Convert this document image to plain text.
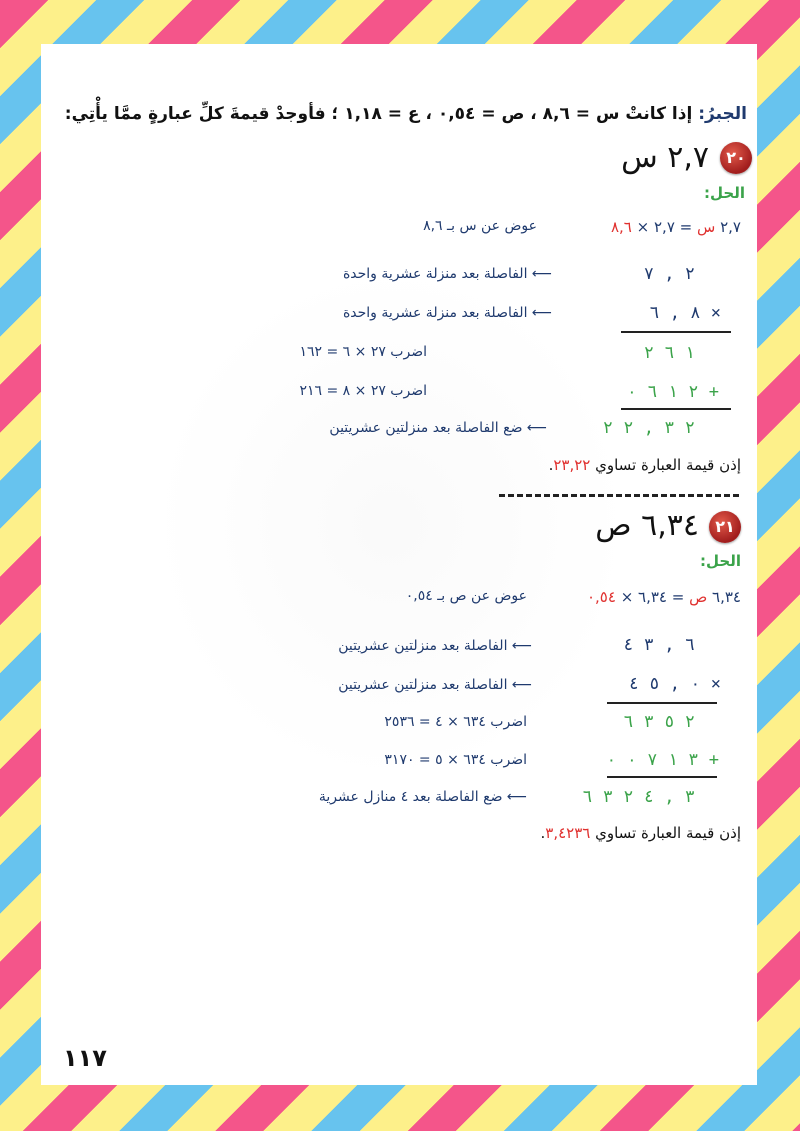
الجبرُ: إذا كانتْ س = ٨,٦ ، ص = ٠,٥٤ ، ع = ١,١٨ ؛ فأوجدْ قيمةَ كلِّ عبارةٍ ممَّا يأْتِي:
٢٠
٢,٧ س
الحل:
٢,٧ س = ٢,٧ × ٨,٦
عوض عن س بـ ٨,٦
٢ , ٧
⟵ الفاصلة بعد منزلة عشرية واحدة
× ٨ , ٦
⟵ الفاصلة بعد منزلة عشرية واحدة
١ ٦ ٢
اضرب ٢٧ × ٦ = ١٦٢
+ ٢ ١ ٦ ٠
اضرب ٢٧ × ٨ = ٢١٦
٢ ٣ , ٢ ٢
⟵ ضع الفاصلة بعد منزلتين عشريتين
إذن قيمة العبارة تساوي ٢٣,٢٢.
٢١
٦,٣٤ ص
الحل:
٦,٣٤ ص = ٦,٣٤ × ٠,٥٤
عوض عن ص بـ ٠,٥٤
٦ , ٣ ٤
⟵ الفاصلة بعد منزلتين عشريتين
× ٠ , ٥ ٤
⟵ الفاصلة بعد منزلتين عشريتين
٢ ٥ ٣ ٦
اضرب ٦٣٤ × ٤ = ٢٥٣٦
+ ٣ ١ ٧ ٠ ٠
اضرب ٦٣٤ × ٥ = ٣١٧٠
٣ , ٤ ٢ ٣ ٦
⟵ ضع الفاصلة بعد ٤ منازل عشرية
إذن قيمة العبارة تساوي ٣,٤٢٣٦.
١١٧
